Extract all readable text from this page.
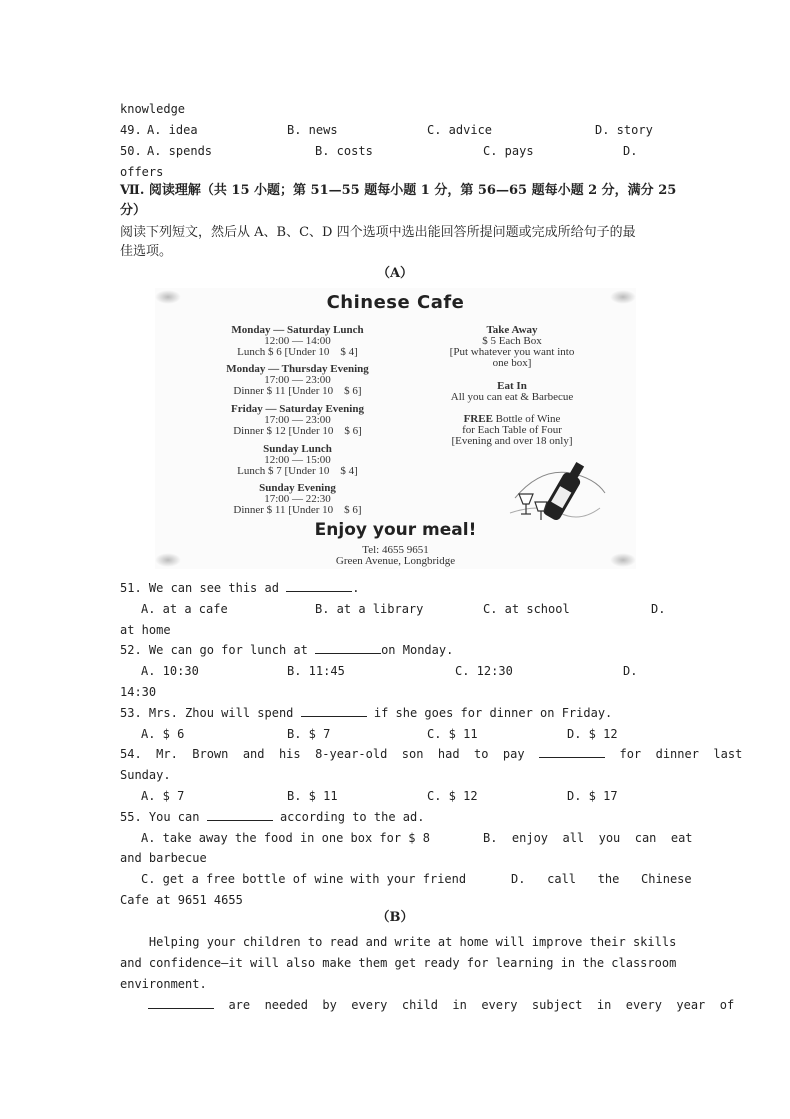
knowledge
49. A. idea	B. news	C. advice	D. story
50. A. spends	B. costs	C. pays	D.
offers
Ⅶ. 阅读理解（共 15 小题；第 51—55 题每小题 1 分，第 56—65 题每小题 2 分，满分 25
分）
阅读下列短文，然后从 A、B、C、D 四个选项中选出能回答所提问题或完成所给句子的最
佳选项。
（A）
Chinese Cafe
Monday — Saturday Lunch
12:00 — 14:00
Lunch $ 6 [Under 10    $ 4]
Monday — Thursday Evening
17:00 — 23:00
Dinner $ 11 [Under 10    $ 6]
Friday — Saturday Evening
17:00 — 23:00
Dinner $ 12 [Under 10    $ 6]
Sunday Lunch
12:00 — 15:00
Lunch $ 7 [Under 10    $ 4]
Sunday Evening
17:00 — 22:30
Dinner $ 11 [Under 10    $ 6]
Take Away
$ 5 Each Box
[Put whatever you want into
one box]
Eat In
All you can eat & Barbecue
FREE Bottle of Wine
for Each Table of Four
[Evening and over 18 only]
Enjoy your meal!
Tel: 4655 9651
Green Avenue, Longbridge
51. We can see this ad	.
A. at a cafe	B. at a library	C. at school	D.
at home
52. We can go for lunch at	on Monday.
A. 10:30	B. 11:45	C. 12:30	D.
14:30
53. Mrs. Zhou will spend	if she goes for dinner on Friday.
A. $ 6	B. $ 7	C. $ 11	D. $ 12
54.  Mr.  Brown  and  his  8-year-old  son  had  to  pay	for  dinner  last
Sunday.
A. $ 7	B. $ 11	C. $ 12	D. $ 17
55. You can	according to the ad.
A. take away the food in one box for $ 8	B.  enjoy  all  you  can  eat
and barbecue
C. get a free bottle of wine with your friend	D.   call   the   Chinese
Cafe at 9651 4655
（B）
Helping your children to read and write at home will improve their skills
and confidence—it will also make them get ready for learning in the classroom
environment.
are  needed  by  every  child  in  every  subject  in  every  year  of
